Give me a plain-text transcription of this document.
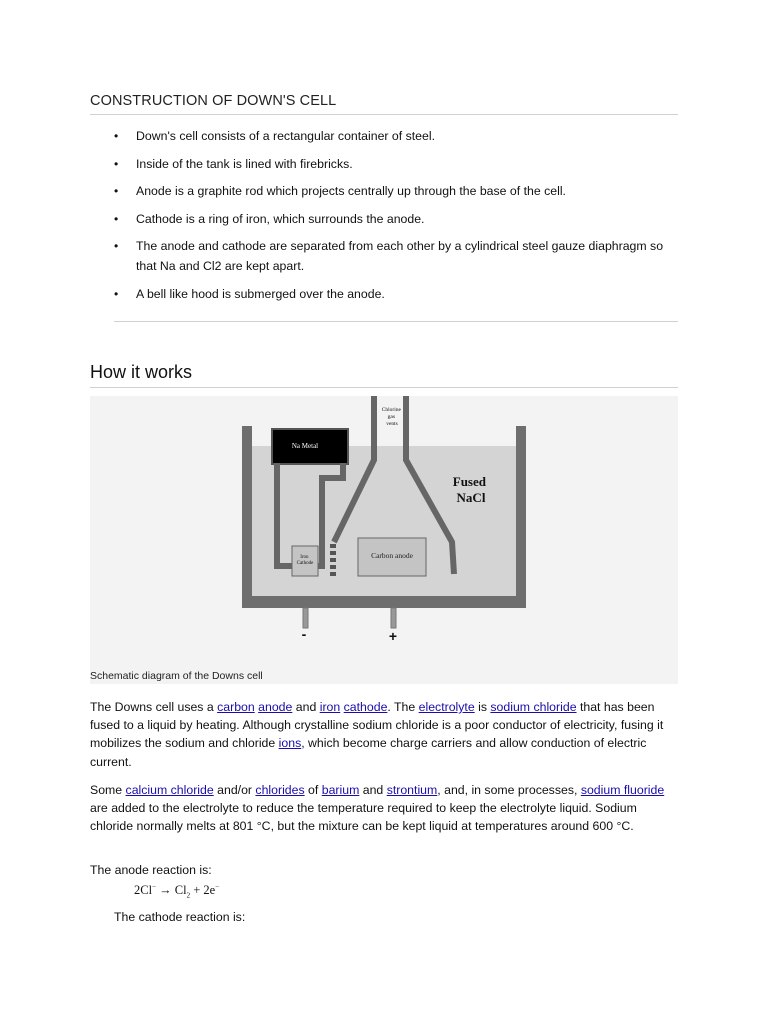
CONSTRUCTION OF DOWN'S CELL
• Down's cell consists of a rectangular container of steel.
• Inside of the tank is lined with firebricks.
• Anode is a graphite rod which projects centrally up through the base of the cell.
• Cathode is a ring of iron, which surrounds the anode.
• The anode and cathode are separated from each other by a cylindrical steel gauze diaphragm so that Na and Cl2 are kept apart.
• A bell like hood is submerged over the anode.
How it works
Chlorine gas vents
Na Metal
Fused NaCl
Iron Cathode
Carbon anode
-	+
Schematic diagram of the Downs cell

The Downs cell uses a carbon anode and iron cathode. The electrolyte is sodium chloride that has been fused to a liquid by heating. Although crystalline sodium chloride is a poor conductor of electricity, fusing it mobilizes the sodium and chloride ions, which become charge carriers and allow conduction of electric current.

Some calcium chloride and/or chlorides of barium and strontium, and, in some processes, sodium fluoride are added to the electrolyte to reduce the temperature required to keep the electrolyte liquid. Sodium chloride normally melts at 801 °C, but the mixture can be kept liquid at temperatures around 600 °C.

The anode reaction is:

$2Cl^- \to Cl_2 + 2e^-$
The cathode reaction is:
